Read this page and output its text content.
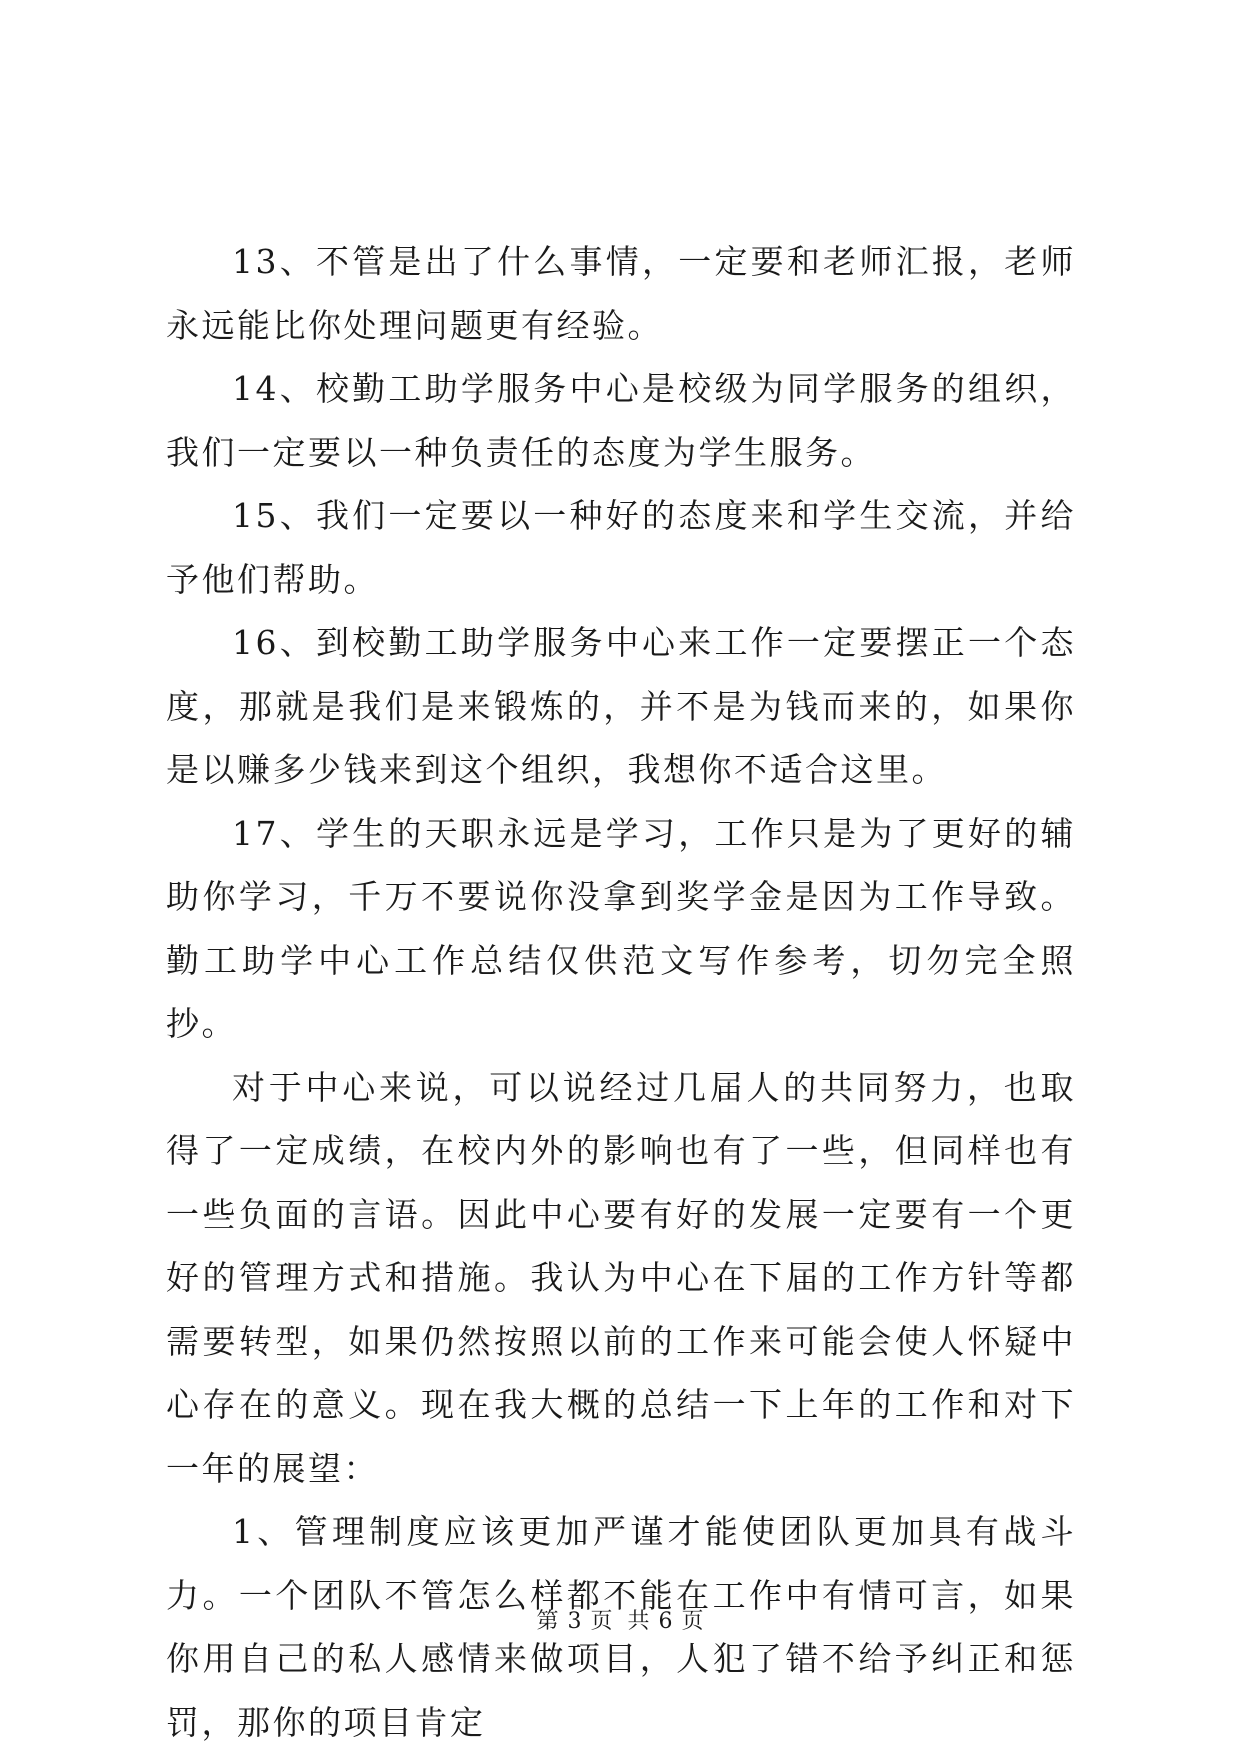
13、不管是出了什么事情，一定要和老师汇报，老师永远能比你处理问题更有经验。

14、校勤工助学服务中心是校级为同学服务的组织，我们一定要以一种负责任的态度为学生服务。

15、我们一定要以一种好的态度来和学生交流，并给予他们帮助。

16、到校勤工助学服务中心来工作一定要摆正一个态度，那就是我们是来锻炼的，并不是为钱而来的，如果你是以赚多少钱来到这个组织，我想你不适合这里。

17、学生的天职永远是学习，工作只是为了更好的辅助你学习，千万不要说你没拿到奖学金是因为工作导致。勤工助学中心工作总结仅供范文写作参考，切勿完全照抄。

对于中心来说，可以说经过几届人的共同努力，也取得了一定成绩，在校内外的影响也有了一些，但同样也有一些负面的言语。因此中心要有好的发展一定要有一个更好的管理方式和措施。我认为中心在下届的工作方针等都需要转型，如果仍然按照以前的工作来可能会使人怀疑中心存在的意义。现在我大概的总结一下上年的工作和对下一年的展望：

1、管理制度应该更加严谨才能使团队更加具有战斗力。一个团队不管怎么样都不能在工作中有情可言，如果你用自己的私人感情来做项目，人犯了错不给予纠正和惩罚，那你的项目肯定

第 3 页 共 6 页
